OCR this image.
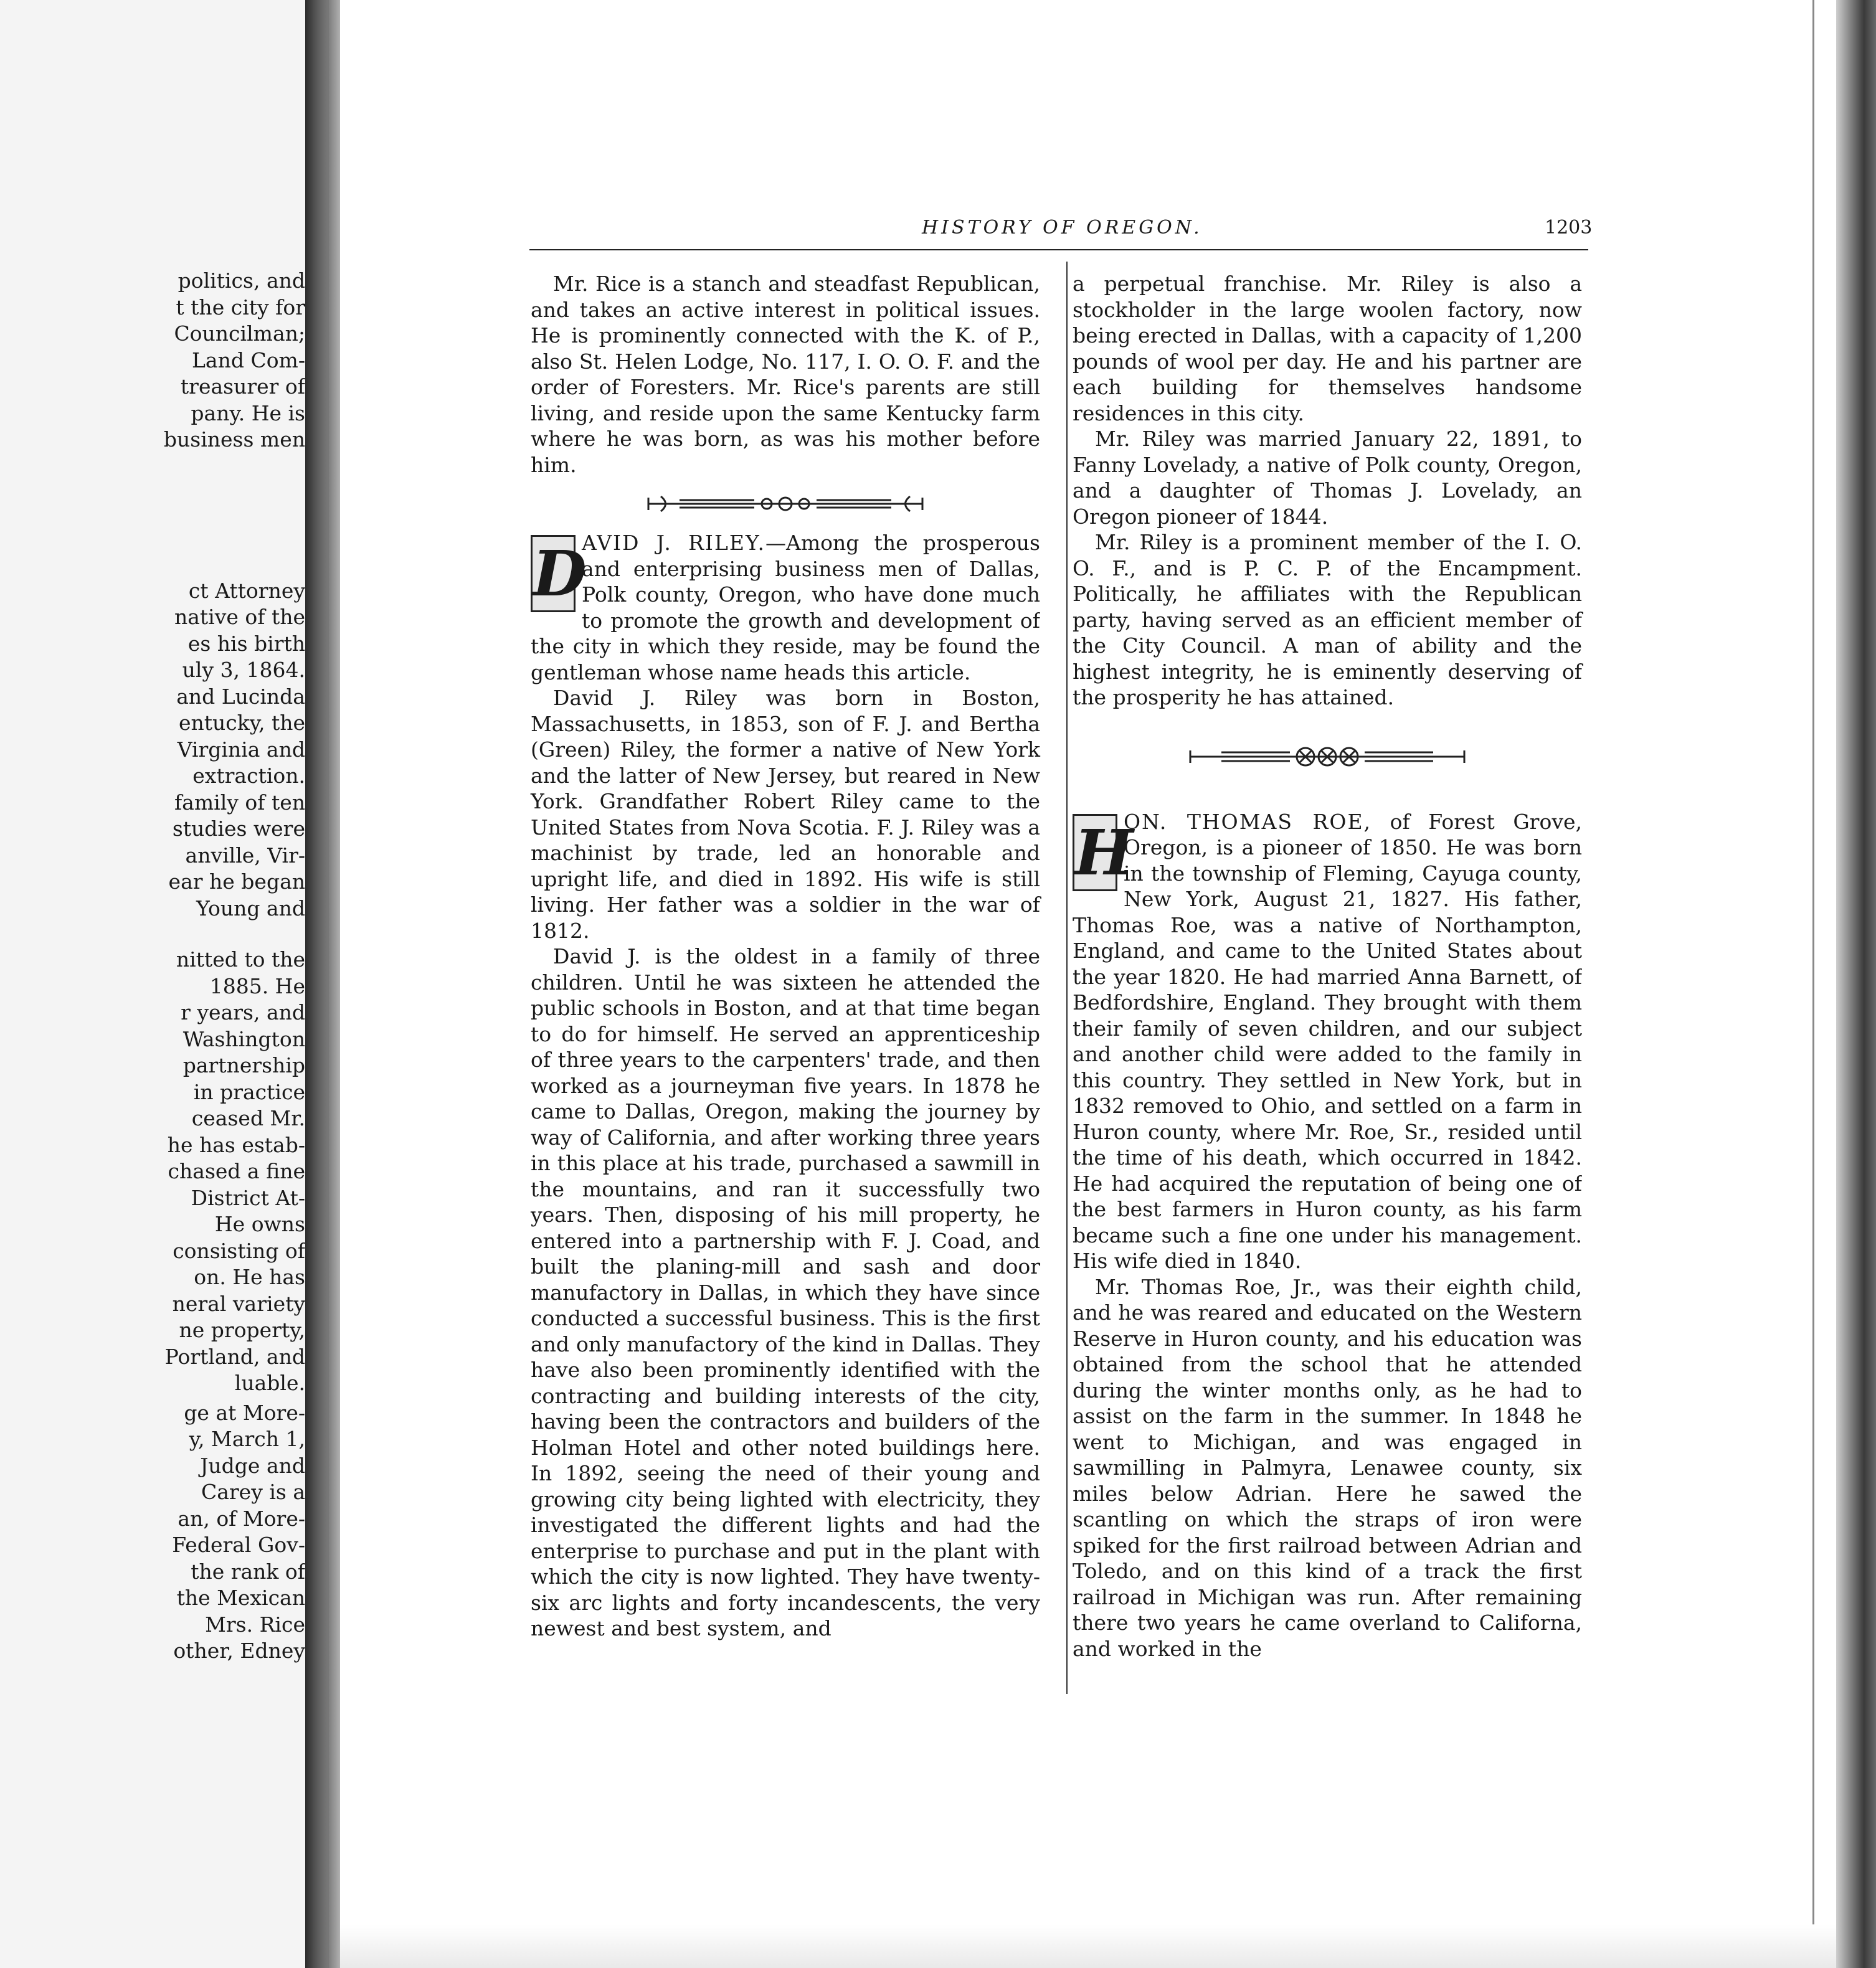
politics, and
t the city for
Councilman;
Land Com-
treasurer of
pany. He is
business men
ct Attorney
native of the
es his birth
uly 3, 1864.
and Lucinda
entucky, the
Virginia and
extraction.
family of ten
studies were
anville, Vir-
ear he began
Young and
nitted to the
1885. He
r years, and
Washington
partnership
in practice
ceased Mr.
he has estab-
chased a fine
District At-
He owns
consisting of
on. He has
neral variety
ne property,
Portland, and
luable.
ge at More-
y, March 1,
Judge and
Carey is a
an, of More-
Federal Gov-
the rank of
the Mexican
Mrs. Rice
other, Edney
HISTORY OF OREGON.	1203

Mr. Rice is a stanch and steadfast Republican, and takes an active interest in political issues. He is prominently connected with the K. of P., also St. Helen Lodge, No. 117, I. O. O. F. and the order of Foresters. Mr. Rice's parents are still living, and reside upon the same Kentucky farm where he was born, as was his mother before him.

D
AVID J. RILEY.—Among the prosperous and enterprising business men of Dallas, Polk county, Oregon, who have done much to promote the growth and development of the city in which they reside, may be found the gentleman whose name heads this article.

David J. Riley was born in Boston, Massachusetts, in 1853, son of F. J. and Bertha (Green) Riley, the former a native of New York and the latter of New Jersey, but reared in New York. Grandfather Robert Riley came to the United States from Nova Scotia. F. J. Riley was a machinist by trade, led an honorable and upright life, and died in 1892. His wife is still living. Her father was a soldier in the war of 1812.

David J. is the oldest in a family of three children. Until he was sixteen he attended the public schools in Boston, and at that time began to do for himself. He served an apprenticeship of three years to the carpenters' trade, and then worked as a journeyman five years. In 1878 he came to Dallas, Oregon, making the journey by way of California, and after working three years in this place at his trade, purchased a sawmill in the mountains, and ran it successfully two years. Then, disposing of his mill property, he entered into a partnership with F. J. Coad, and built the planing-mill and sash and door manufactory in Dallas, in which they have since conducted a successful business. This is the first and only manufactory of the kind in Dallas. They have also been prominently identified with the contracting and building interests of the city, having been the contractors and builders of the Holman Hotel and other noted buildings here. In 1892, seeing the need of their young and growing city being lighted with electricity, they investigated the different lights and had the enterprise to purchase and put in the plant with which the city is now lighted. They have twenty-six arc lights and forty incandescents, the very newest and best system, and

a perpetual franchise. Mr. Riley is also a stockholder in the large woolen factory, now being erected in Dallas, with a capacity of 1,200 pounds of wool per day. He and his partner are each building for themselves handsome residences in this city.

Mr. Riley was married January 22, 1891, to Fanny Lovelady, a native of Polk county, Oregon, and a daughter of Thomas J. Lovelady, an Oregon pioneer of 1844.

Mr. Riley is a prominent member of the I. O. O. F., and is P. C. P. of the Encampment. Politically, he affiliates with the Republican party, having served as an efficient member of the City Council. A man of ability and the highest integrity, he is eminently deserving of the prosperity he has attained.

H
ON. THOMAS ROE, of Forest Grove, Oregon, is a pioneer of 1850. He was born in the township of Fleming, Cayuga county, New York, August 21, 1827. His father, Thomas Roe, was a native of Northampton, England, and came to the United States about the year 1820. He had married Anna Barnett, of Bedfordshire, England. They brought with them their family of seven children, and our subject and another child were added to the family in this country. They settled in New York, but in 1832 removed to Ohio, and settled on a farm in Huron county, where Mr. Roe, Sr., resided until the time of his death, which occurred in 1842. He had acquired the reputation of being one of the best farmers in Huron county, as his farm became such a fine one under his management. His wife died in 1840.

Mr. Thomas Roe, Jr., was their eighth child, and he was reared and educated on the Western Reserve in Huron county, and his education was obtained from the school that he attended during the winter months only, as he had to assist on the farm in the summer. In 1848 he went to Michigan, and was engaged in sawmilling in Palmyra, Lenawee county, six miles below Adrian. Here he sawed the scantling on which the straps of iron were spiked for the first railroad between Adrian and Toledo, and on this kind of a track the first railroad in Michigan was run. After remaining there two years he came overland to Californa, and worked in the
